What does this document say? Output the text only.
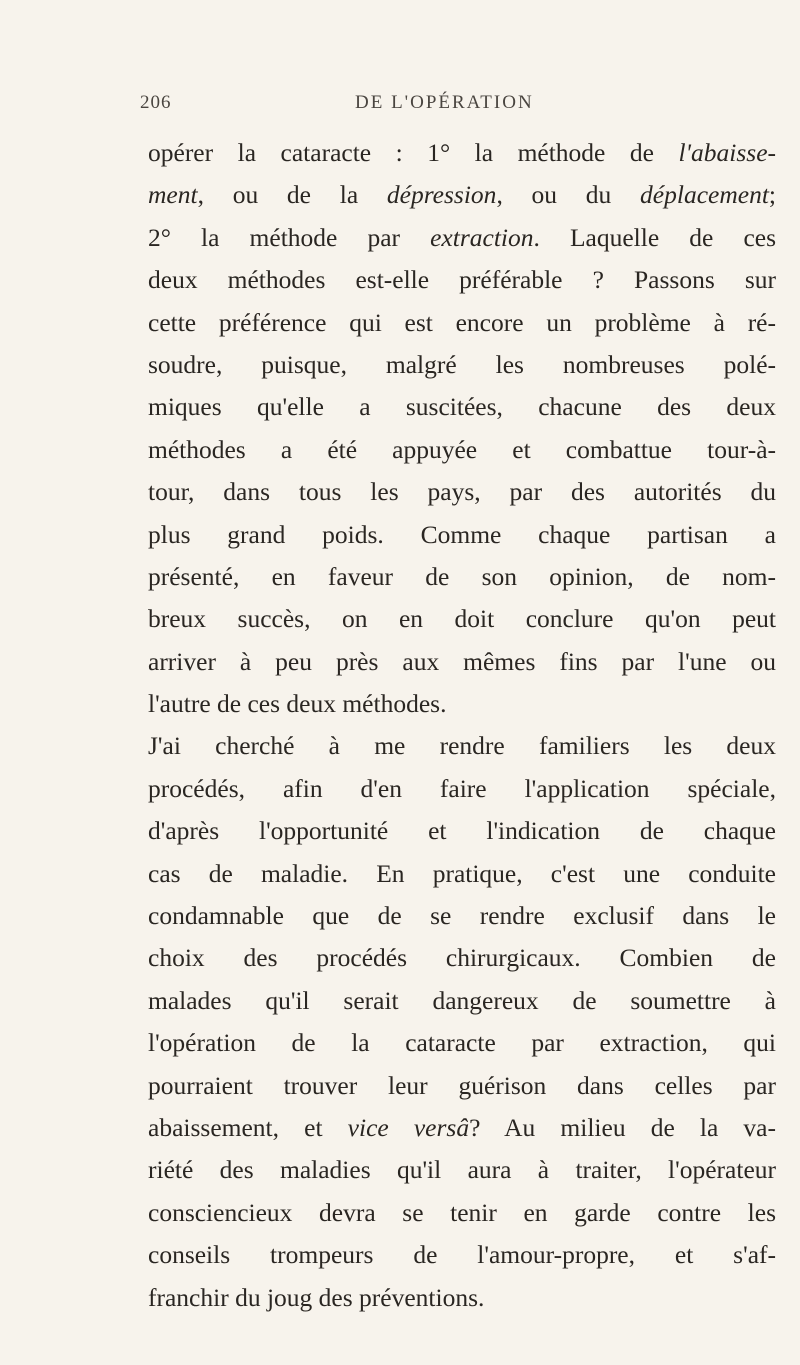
206	DE L'OPÉRATION
opérer la cataracte : 1° la méthode de l'abaisse-
ment, ou de la dépression, ou du déplacement;
2° la méthode par extraction. Laquelle de ces
deux méthodes est-elle préférable ? Passons sur
cette préférence qui est encore un problème à ré-
soudre, puisque, malgré les nombreuses polé-
miques qu'elle a suscitées, chacune des deux
méthodes a été appuyée et combattue tour-à-
tour, dans tous les pays, par des autorités du
plus grand poids. Comme chaque partisan a
présenté, en faveur de son opinion, de nom-
breux succès, on en doit conclure qu'on peut
arriver à peu près aux mêmes fins par l'une ou
l'autre de ces deux méthodes.
J'ai cherché à me rendre familiers les deux
procédés, afin d'en faire l'application spéciale,
d'après l'opportunité et l'indication de chaque
cas de maladie. En pratique, c'est une conduite
condamnable que de se rendre exclusif dans le
choix des procédés chirurgicaux. Combien de
malades qu'il serait dangereux de soumettre à
l'opération de la cataracte par extraction, qui
pourraient trouver leur guérison dans celles par
abaissement, et vice versâ? Au milieu de la va-
riété des maladies qu'il aura à traiter, l'opérateur
consciencieux devra se tenir en garde contre les
conseils trompeurs de l'amour-propre, et s'af-
franchir du joug des préventions.
